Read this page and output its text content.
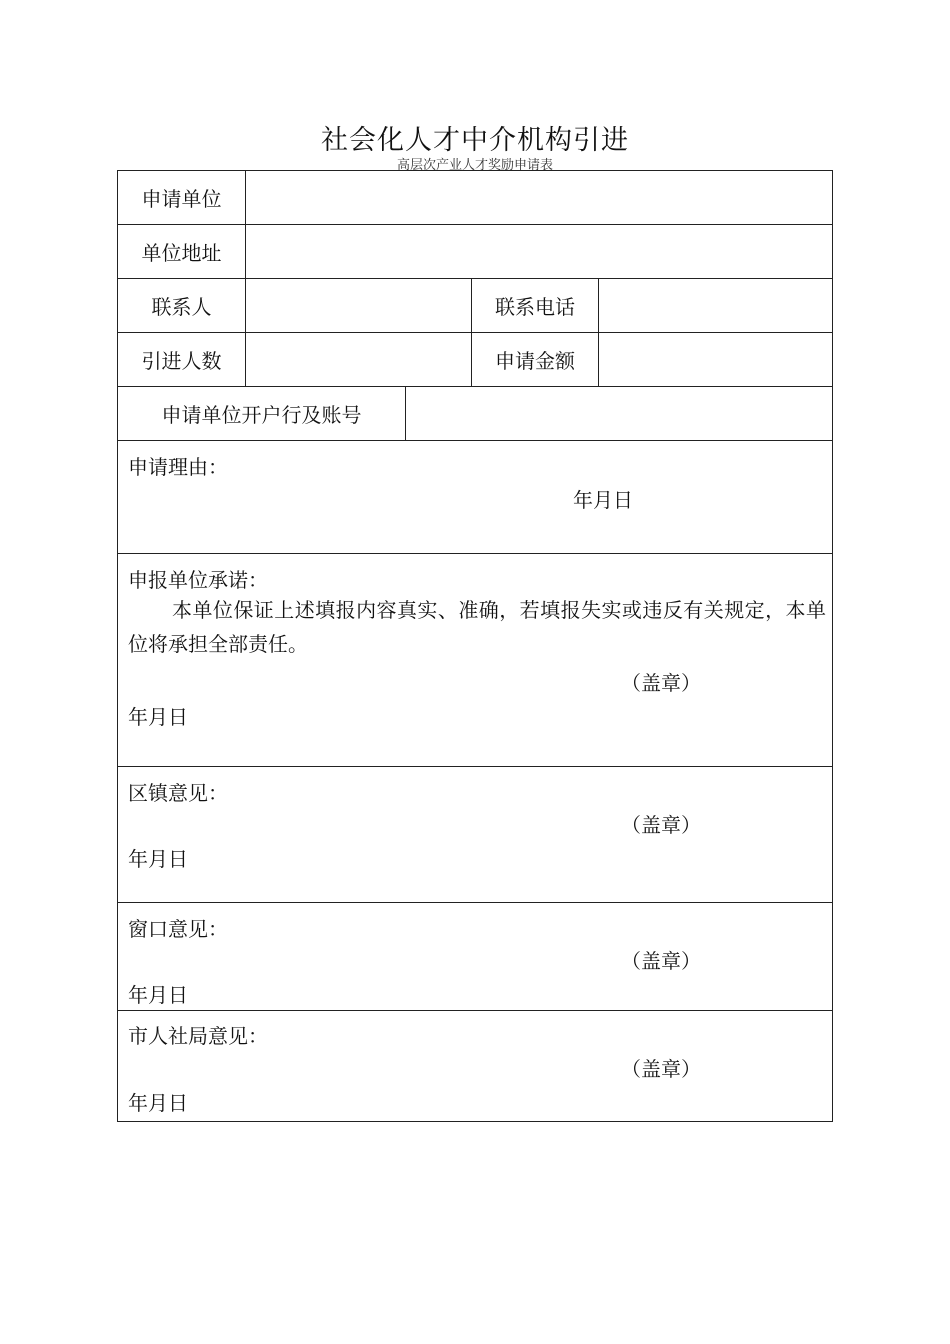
社会化人才中介机构引进
高层次产业人才奖励申请表
申请单位
单位地址
联系人	联系电话
引进人数	申请金额
申请单位开户行及账号
申请理由：
年月日
申报单位承诺：
本单位保证上述填报内容真实、准确，若填报失实或违反有关规定，本单位将承担全部责任。
（盖章）
年月日
区镇意见：
（盖章）
年月日
窗口意见：
（盖章）
年月日
市人社局意见：
（盖章）
年月日
